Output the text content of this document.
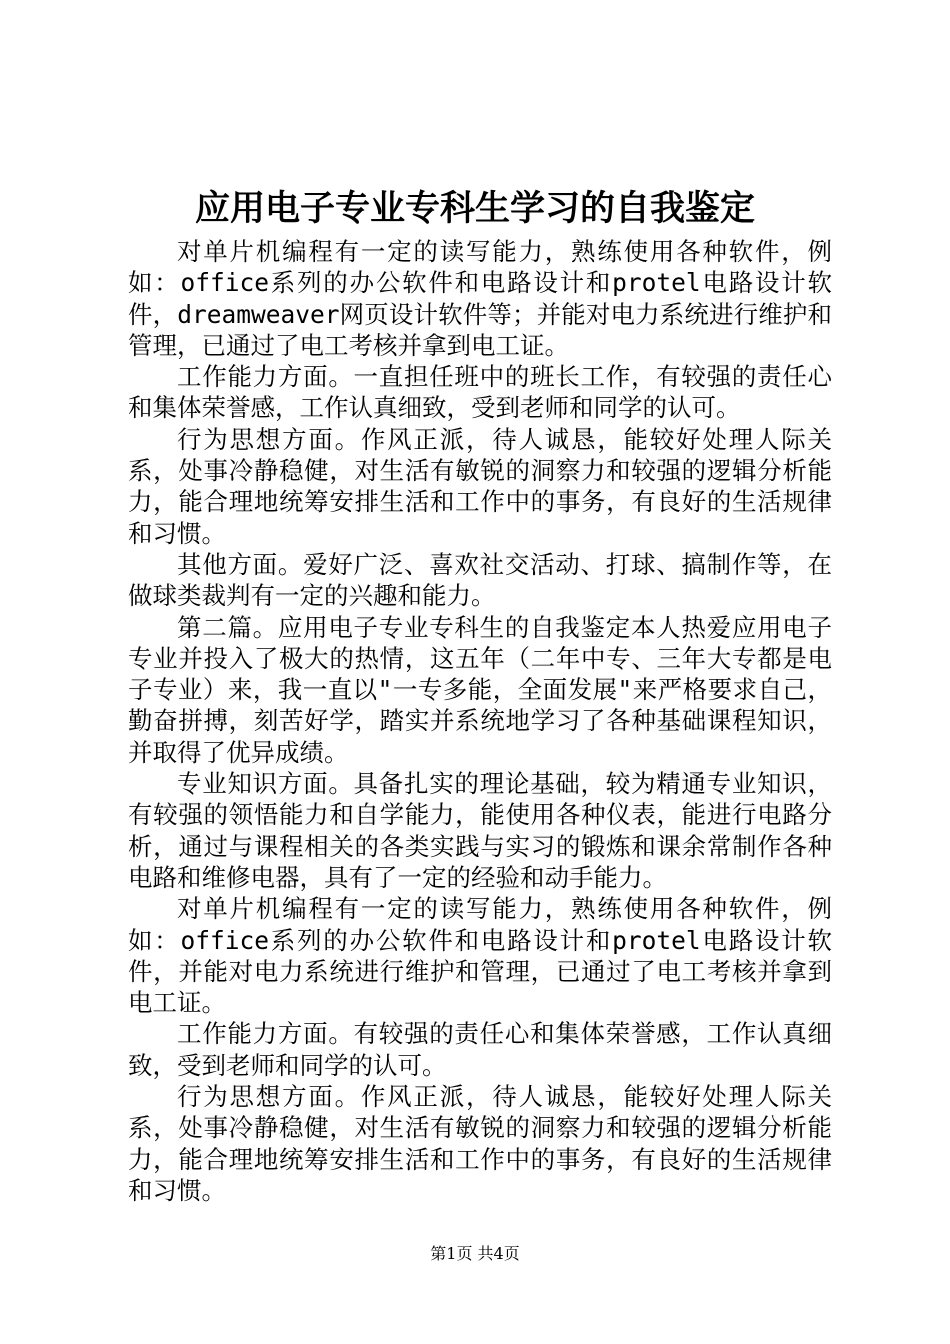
应用电子专业专科生学习的自我鉴定

对单片机编程有一定的读写能力，熟练使用各种软件，例如：office系列的办公软件和电路设计和protel电路设计软件，dreamweaver网页设计软件等；并能对电力系统进行维护和管理，已通过了电工考核并拿到电工证。

工作能力方面。一直担任班中的班长工作，有较强的责任心和集体荣誉感，工作认真细致，受到老师和同学的认可。

行为思想方面。作风正派，待人诚恳，能较好处理人际关系，处事冷静稳健，对生活有敏锐的洞察力和较强的逻辑分析能力，能合理地统筹安排生活和工作中的事务，有良好的生活规律和习惯。

其他方面。爱好广泛、喜欢社交活动、打球、搞制作等，在做球类裁判有一定的兴趣和能力。

第二篇。应用电子专业专科生的自我鉴定本人热爱应用电子专业并投入了极大的热情，这五年（二年中专、三年大专都是电子专业）来，我一直以"一专多能，全面发展"来严格要求自己，勤奋拼搏，刻苦好学，踏实并系统地学习了各种基础课程知识，并取得了优异成绩。

专业知识方面。具备扎实的理论基础，较为精通专业知识，有较强的领悟能力和自学能力，能使用各种仪表，能进行电路分析，通过与课程相关的各类实践与实习的锻炼和课余常制作各种电路和维修电器，具有了一定的经验和动手能力。

对单片机编程有一定的读写能力，熟练使用各种软件，例如：office系列的办公软件和电路设计和protel电路设计软件，并能对电力系统进行维护和管理，已通过了电工考核并拿到电工证。

工作能力方面。有较强的责任心和集体荣誉感，工作认真细致，受到老师和同学的认可。

行为思想方面。作风正派，待人诚恳，能较好处理人际关系，处事冷静稳健，对生活有敏锐的洞察力和较强的逻辑分析能力，能合理地统筹安排生活和工作中的事务，有良好的生活规律和习惯。

第1页 共4页
